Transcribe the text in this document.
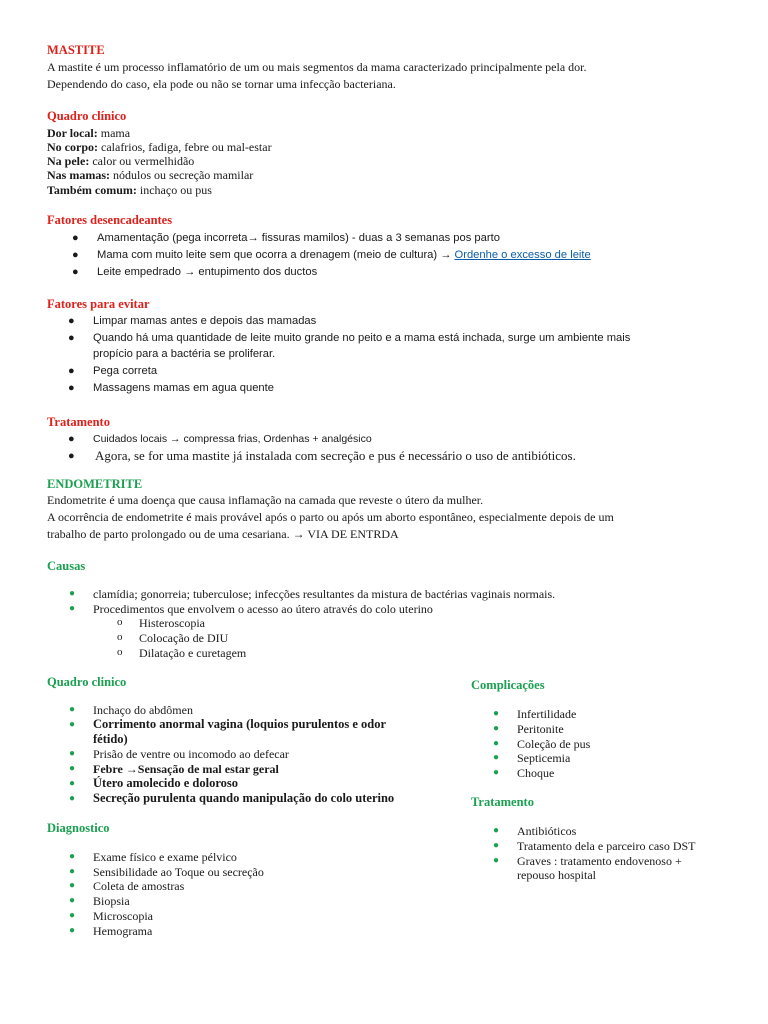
MASTITE
A mastite é um processo inflamatório de um ou mais segmentos da mama caracterizado principalmente pela dor.
Dependendo do caso, ela pode ou não se tornar uma infecção bacteriana.
Quadro clínico
Dor local: mama
No corpo: calafrios, fadiga, febre ou mal-estar
Na pele: calor ou vermelhidão
Nas mamas: nódulos ou secreção mamilar
Também comum: inchaço ou pus
Fatores desencadeantes
● Amamentação (pega incorreta→ fissuras mamilos) - duas a 3 semanas pos parto
● Mama com muito leite sem que ocorra a drenagem (meio de cultura) → Ordenhe o excesso de leite
● Leite empedrado → entupimento dos ductos
Fatores para evitar
● Limpar mamas antes e depois das mamadas
● Quando há uma quantidade de leite muito grande no peito e a mama está inchada, surge um ambiente mais
propício para a bactéria se proliferar.
● Pega correta
● Massagens mamas em agua quente
Tratamento
● Cuidados locais → compressa frias, Ordenhas + analgésico
● Agora, se for uma mastite já instalada com secreção e pus é necessário o uso de antibióticos.
ENDOMETRITE
Endometrite é uma doença que causa inflamação na camada que reveste o útero da mulher.
A ocorrência de endometrite é mais provável após o parto ou após um aborto espontâneo, especialmente depois de um
trabalho de parto prolongado ou de uma cesariana. → VIA DE ENTRDA
Causas
● clamídia; gonorreia; tuberculose; infecções resultantes da mistura de bactérias vaginais normais.
● Procedimentos que envolvem o acesso ao útero através do colo uterino
o Histeroscopia
o Colocação de DIU
o Dilatação e curetagem
Quadro clinico
● Inchaço do abdômen
● Corrimento anormal vagina (loquios purulentos e odor
fétido)
● Prisão de ventre ou incomodo ao defecar
● Febre →Sensação de mal estar geral
● Útero amolecido e doloroso
● Secreção purulenta quando manipulação do colo uterino
Diagnostico
● Exame físico e exame pélvico
● Sensibilidade ao Toque ou secreção
● Coleta de amostras
● Biopsia
● Microscopia
● Hemograma
Complicações
● Infertilidade
● Peritonite
● Coleção de pus
● Septicemia
● Choque
Tratamento
● Antibióticos
● Tratamento dela e parceiro caso DST
● Graves : tratamento endovenoso +
repouso hospital
